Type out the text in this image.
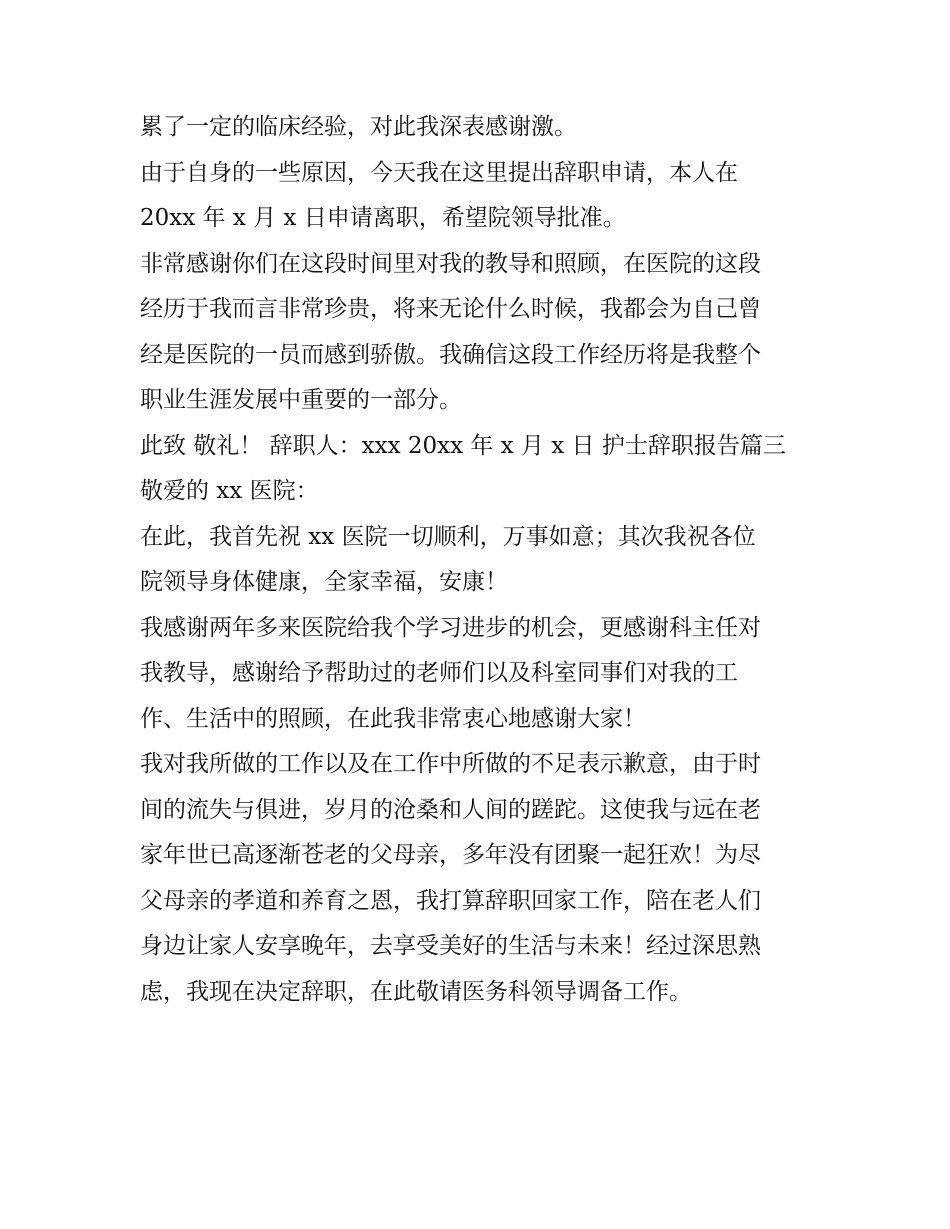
累了一定的临床经验，对此我深表感谢激。
由于自身的一些原因，今天我在这里提出辞职申请，本人在
20xx 年 x 月 x 日申请离职，希望院领导批准。
非常感谢你们在这段时间里对我的教导和照顾，在医院的这段
经历于我而言非常珍贵，将来无论什么时候，我都会为自己曾
经是医院的一员而感到骄傲。我确信这段工作经历将是我整个
职业生涯发展中重要的一部分。
此致 敬礼！ 辞职人：xxx 20xx 年 x 月 x 日 护士辞职报告篇三
敬爱的 xx 医院：
在此，我首先祝 xx 医院一切顺利，万事如意；其次我祝各位
院领导身体健康，全家幸福，安康！
我感谢两年多来医院给我个学习进步的机会，更感谢科主任对
我教导，感谢给予帮助过的老师们以及科室同事们对我的工
作、生活中的照顾，在此我非常衷心地感谢大家！
我对我所做的工作以及在工作中所做的不足表示歉意，由于时
间的流失与俱进，岁月的沧桑和人间的蹉跎。这使我与远在老
家年世已高逐渐苍老的父母亲，多年没有团聚一起狂欢！为尽
父母亲的孝道和养育之恩，我打算辞职回家工作，陪在老人们
身边让家人安享晚年，去享受美好的生活与未来！经过深思熟
虑，我现在决定辞职，在此敬请医务科领导调备工作。
